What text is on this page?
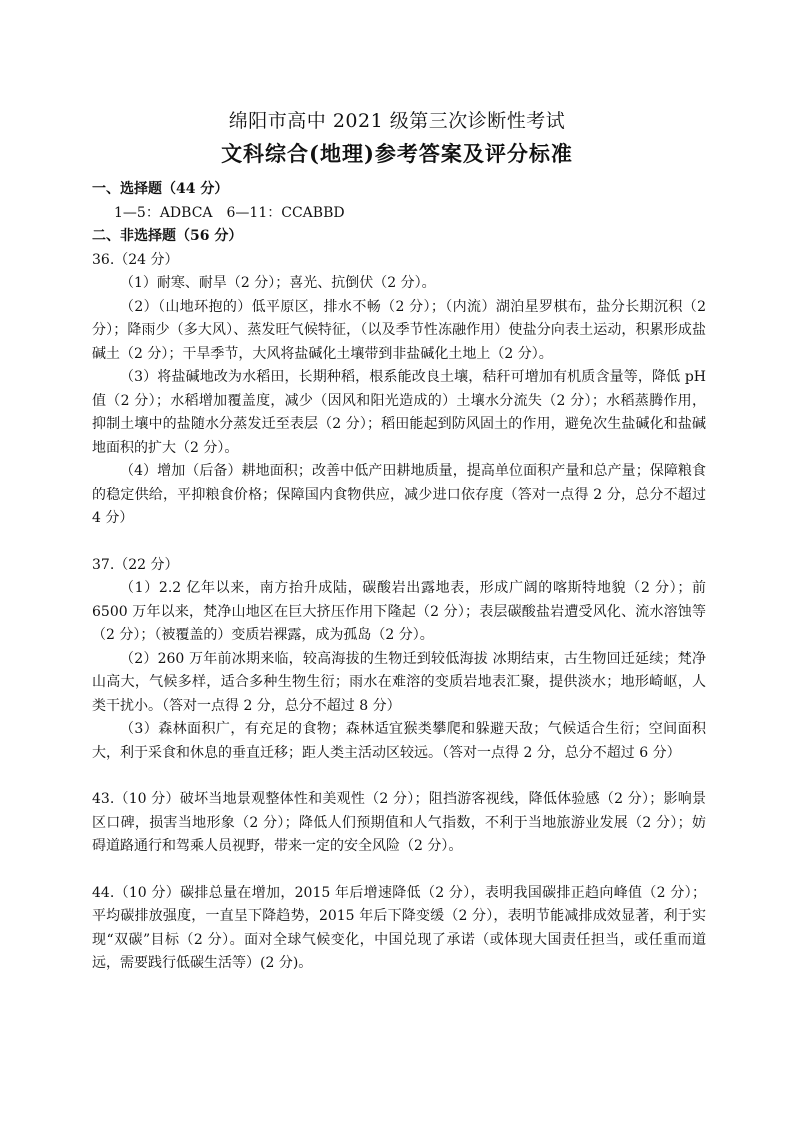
绵阳市高中 2021 级第三次诊断性考试
文科综合(地理)参考答案及评分标准
一、选择题（44 分）
1—5：ADBCA　6—11：CCABBD
二、非选择题（56 分）
36.（24 分）
（1）耐寒、耐旱（2 分）；喜光、抗倒伏（2 分）。
（2）（山地环抱的）低平原区，排水不畅（2 分）；（内流）湖泊星罗棋布，盐分长期沉积（2 分）；降雨少（多大风）、蒸发旺气候特征，（以及季节性冻融作用）使盐分向表土运动，积累形成盐碱土（2 分）；干旱季节，大风将盐碱化土壤带到非盐碱化土地上（2 分）。
（3）将盐碱地改为水稻田，长期种稻，根系能改良土壤，秸秆可增加有机质含量等，降低 pH 值（2 分）；水稻增加覆盖度，减少（因风和阳光造成的）土壤水分流失（2 分）；水稻蒸腾作用，抑制土壤中的盐随水分蒸发迁至表层（2 分）；稻田能起到防风固土的作用，避免次生盐碱化和盐碱地面积的扩大（2 分）。
（4）增加（后备）耕地面积；改善中低产田耕地质量，提高单位面积产量和总产量；保障粮食的稳定供给，平抑粮食价格；保障国内食物供应，减少进口依存度（答对一点得 2 分，总分不超过 4 分）
37.（22 分）
（1）2.2 亿年以来，南方抬升成陆，碳酸岩出露地表，形成广阔的喀斯特地貌（2 分）；前 6500 万年以来，梵净山地区在巨大挤压作用下隆起（2 分）；表层碳酸盐岩遭受风化、流水溶蚀等（2 分）；（被覆盖的）变质岩裸露，成为孤岛（2 分）。
（2）260 万年前冰期来临，较高海拔的生物迁到较低海拔 冰期结束，古生物回迁延续；梵净山高大，气候多样，适合多种生物生衍；雨水在难溶的变质岩地表汇聚，提供淡水；地形崎岖，人类干扰小。（答对一点得 2 分，总分不超过 8 分）
（3）森林面积广，有充足的食物；森林适宜猴类攀爬和躲避天敌；气候适合生衍；空间面积大，利于采食和休息的垂直迁移；距人类主活动区较远。（答对一点得 2 分，总分不超过 6 分）
43.（10 分）破坏当地景观整体性和美观性（2 分）；阻挡游客视线，降低体验感（2 分）；影响景区口碑，损害当地形象（2 分）；降低人们预期值和人气指数，不利于当地旅游业发展（2 分）；妨碍道路通行和驾乘人员视野，带来一定的安全风险（2 分）。
44.（10 分）碳排总量在增加，2015 年后增速降低（2 分），表明我国碳排正趋向峰值（2 分）；平均碳排放强度，一直呈下降趋势，2015 年后下降变缓（2 分），表明节能减排成效显著，利于实现“双碳”目标（2 分）。面对全球气候变化，中国兑现了承诺（或体现大国责任担当，或任重而道远，需要践行低碳生活等）(2 分)。
